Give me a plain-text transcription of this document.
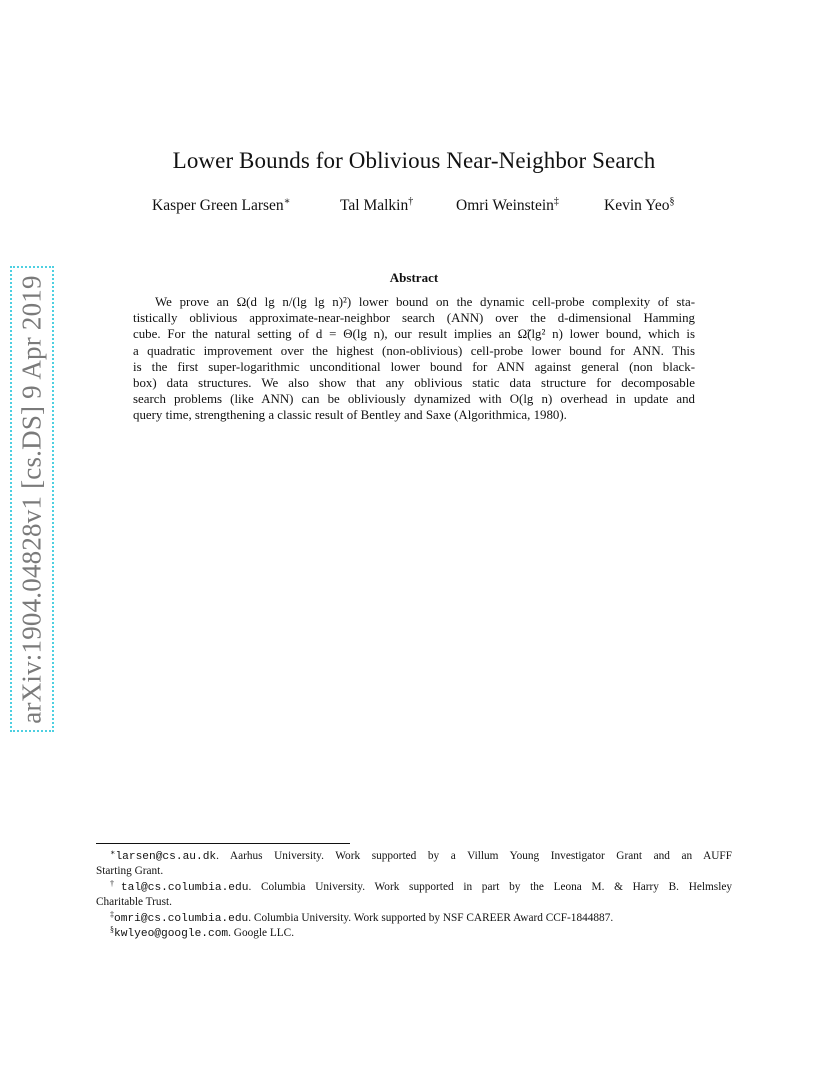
arXiv:1904.04828v1 [cs.DS] 9 Apr 2019
Lower Bounds for Oblivious Near-Neighbor Search
Kasper Green Larsen∗	Tal Malkin†	Omri Weinstein‡	Kevin Yeo§
Abstract
We prove an Ω(d lg n/(lg lg n)²) lower bound on the dynamic cell-probe complexity of sta-
tistically oblivious approximate-near-neighbor search (ANN) over the d-dimensional Hamming
cube. For the natural setting of d = Θ(lg n), our result implies an Ω̃(lg² n) lower bound, which is
a quadratic improvement over the highest (non-oblivious) cell-probe lower bound for ANN. This
is the first super-logarithmic unconditional lower bound for ANN against general (non black-
box) data structures. We also show that any oblivious static data structure for decomposable
search problems (like ANN) can be obliviously dynamized with O(lg n) overhead in update and
query time, strengthening a classic result of Bentley and Saxe (Algorithmica, 1980).
∗larsen@cs.au.dk. Aarhus University. Work supported by a Villum Young Investigator Grant and an AUFF
Starting Grant.
†tal@cs.columbia.edu. Columbia University. Work supported in part by the Leona M. & Harry B. Helmsley
Charitable Trust.
‡omri@cs.columbia.edu. Columbia University. Work supported by NSF CAREER Award CCF-1844887.
§kwlyeo@google.com. Google LLC.
